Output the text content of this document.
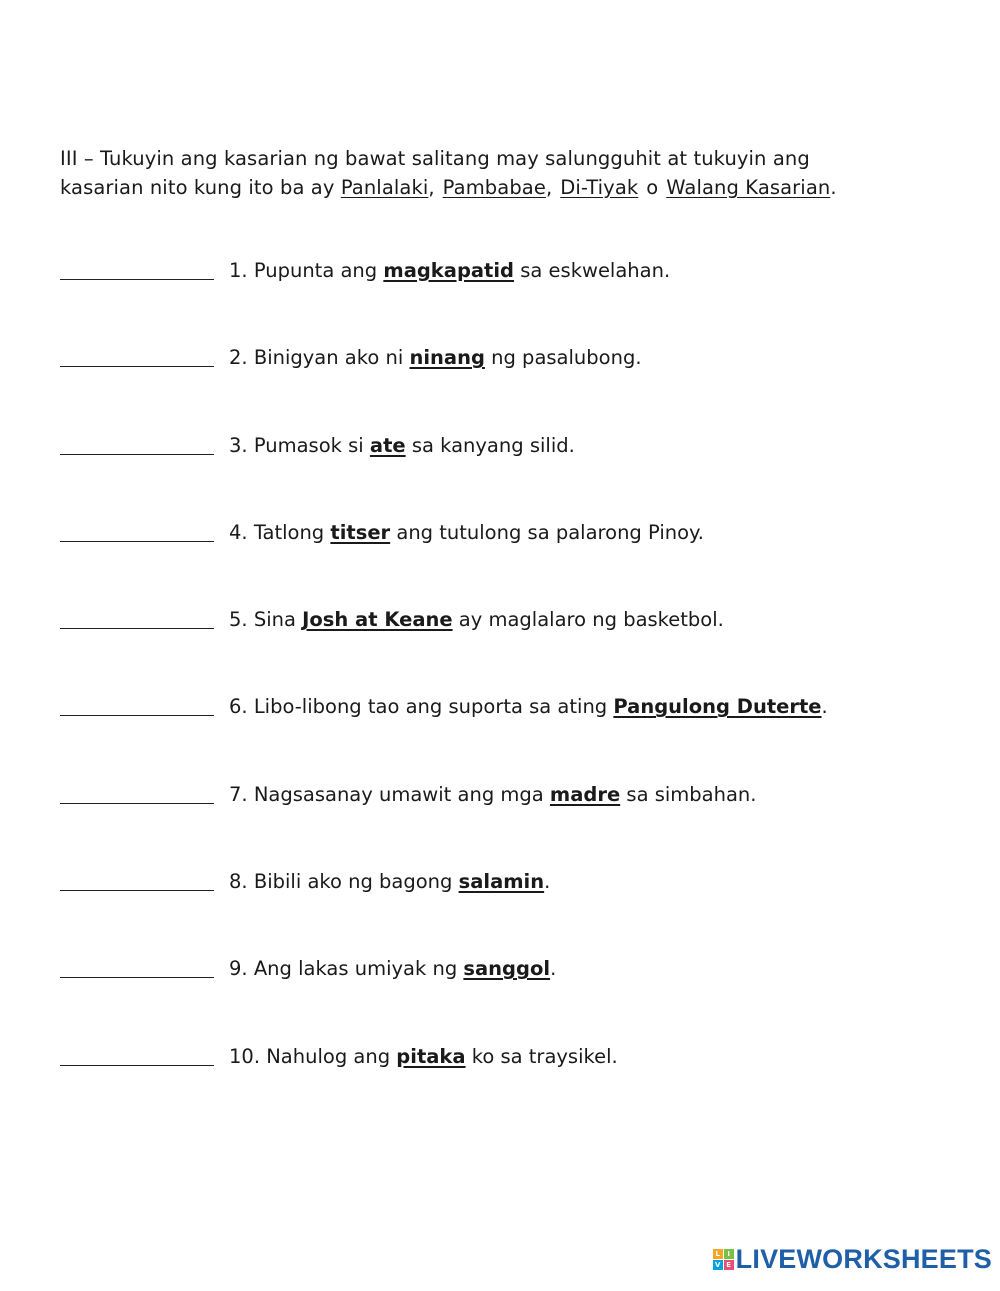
III – Tukuyin ang kasarian ng bawat salitang may salungguhit at tukuyin ang
kasarian nito kung ito ba ay Panlalaki, Pambabae, Di-Tiyak o Walang Kasarian.
1. Pupunta ang magkapatid sa eskwelahan.
2. Binigyan ako ni ninang ng pasalubong.
3. Pumasok si ate sa kanyang silid.
4. Tatlong titser ang tutulong sa palarong Pinoy.
5. Sina Josh at Keane ay maglalaro ng basketbol.
6. Libo-libong tao ang suporta sa ating Pangulong Duterte.
7. Nagsasanay umawit ang mga madre sa simbahan.
8. Bibili ako ng bagong salamin.
9. Ang lakas umiyak ng sanggol.
10. Nahulog ang pitaka ko sa traysikel.
L	I
V E LIVEWORKSHEETS
